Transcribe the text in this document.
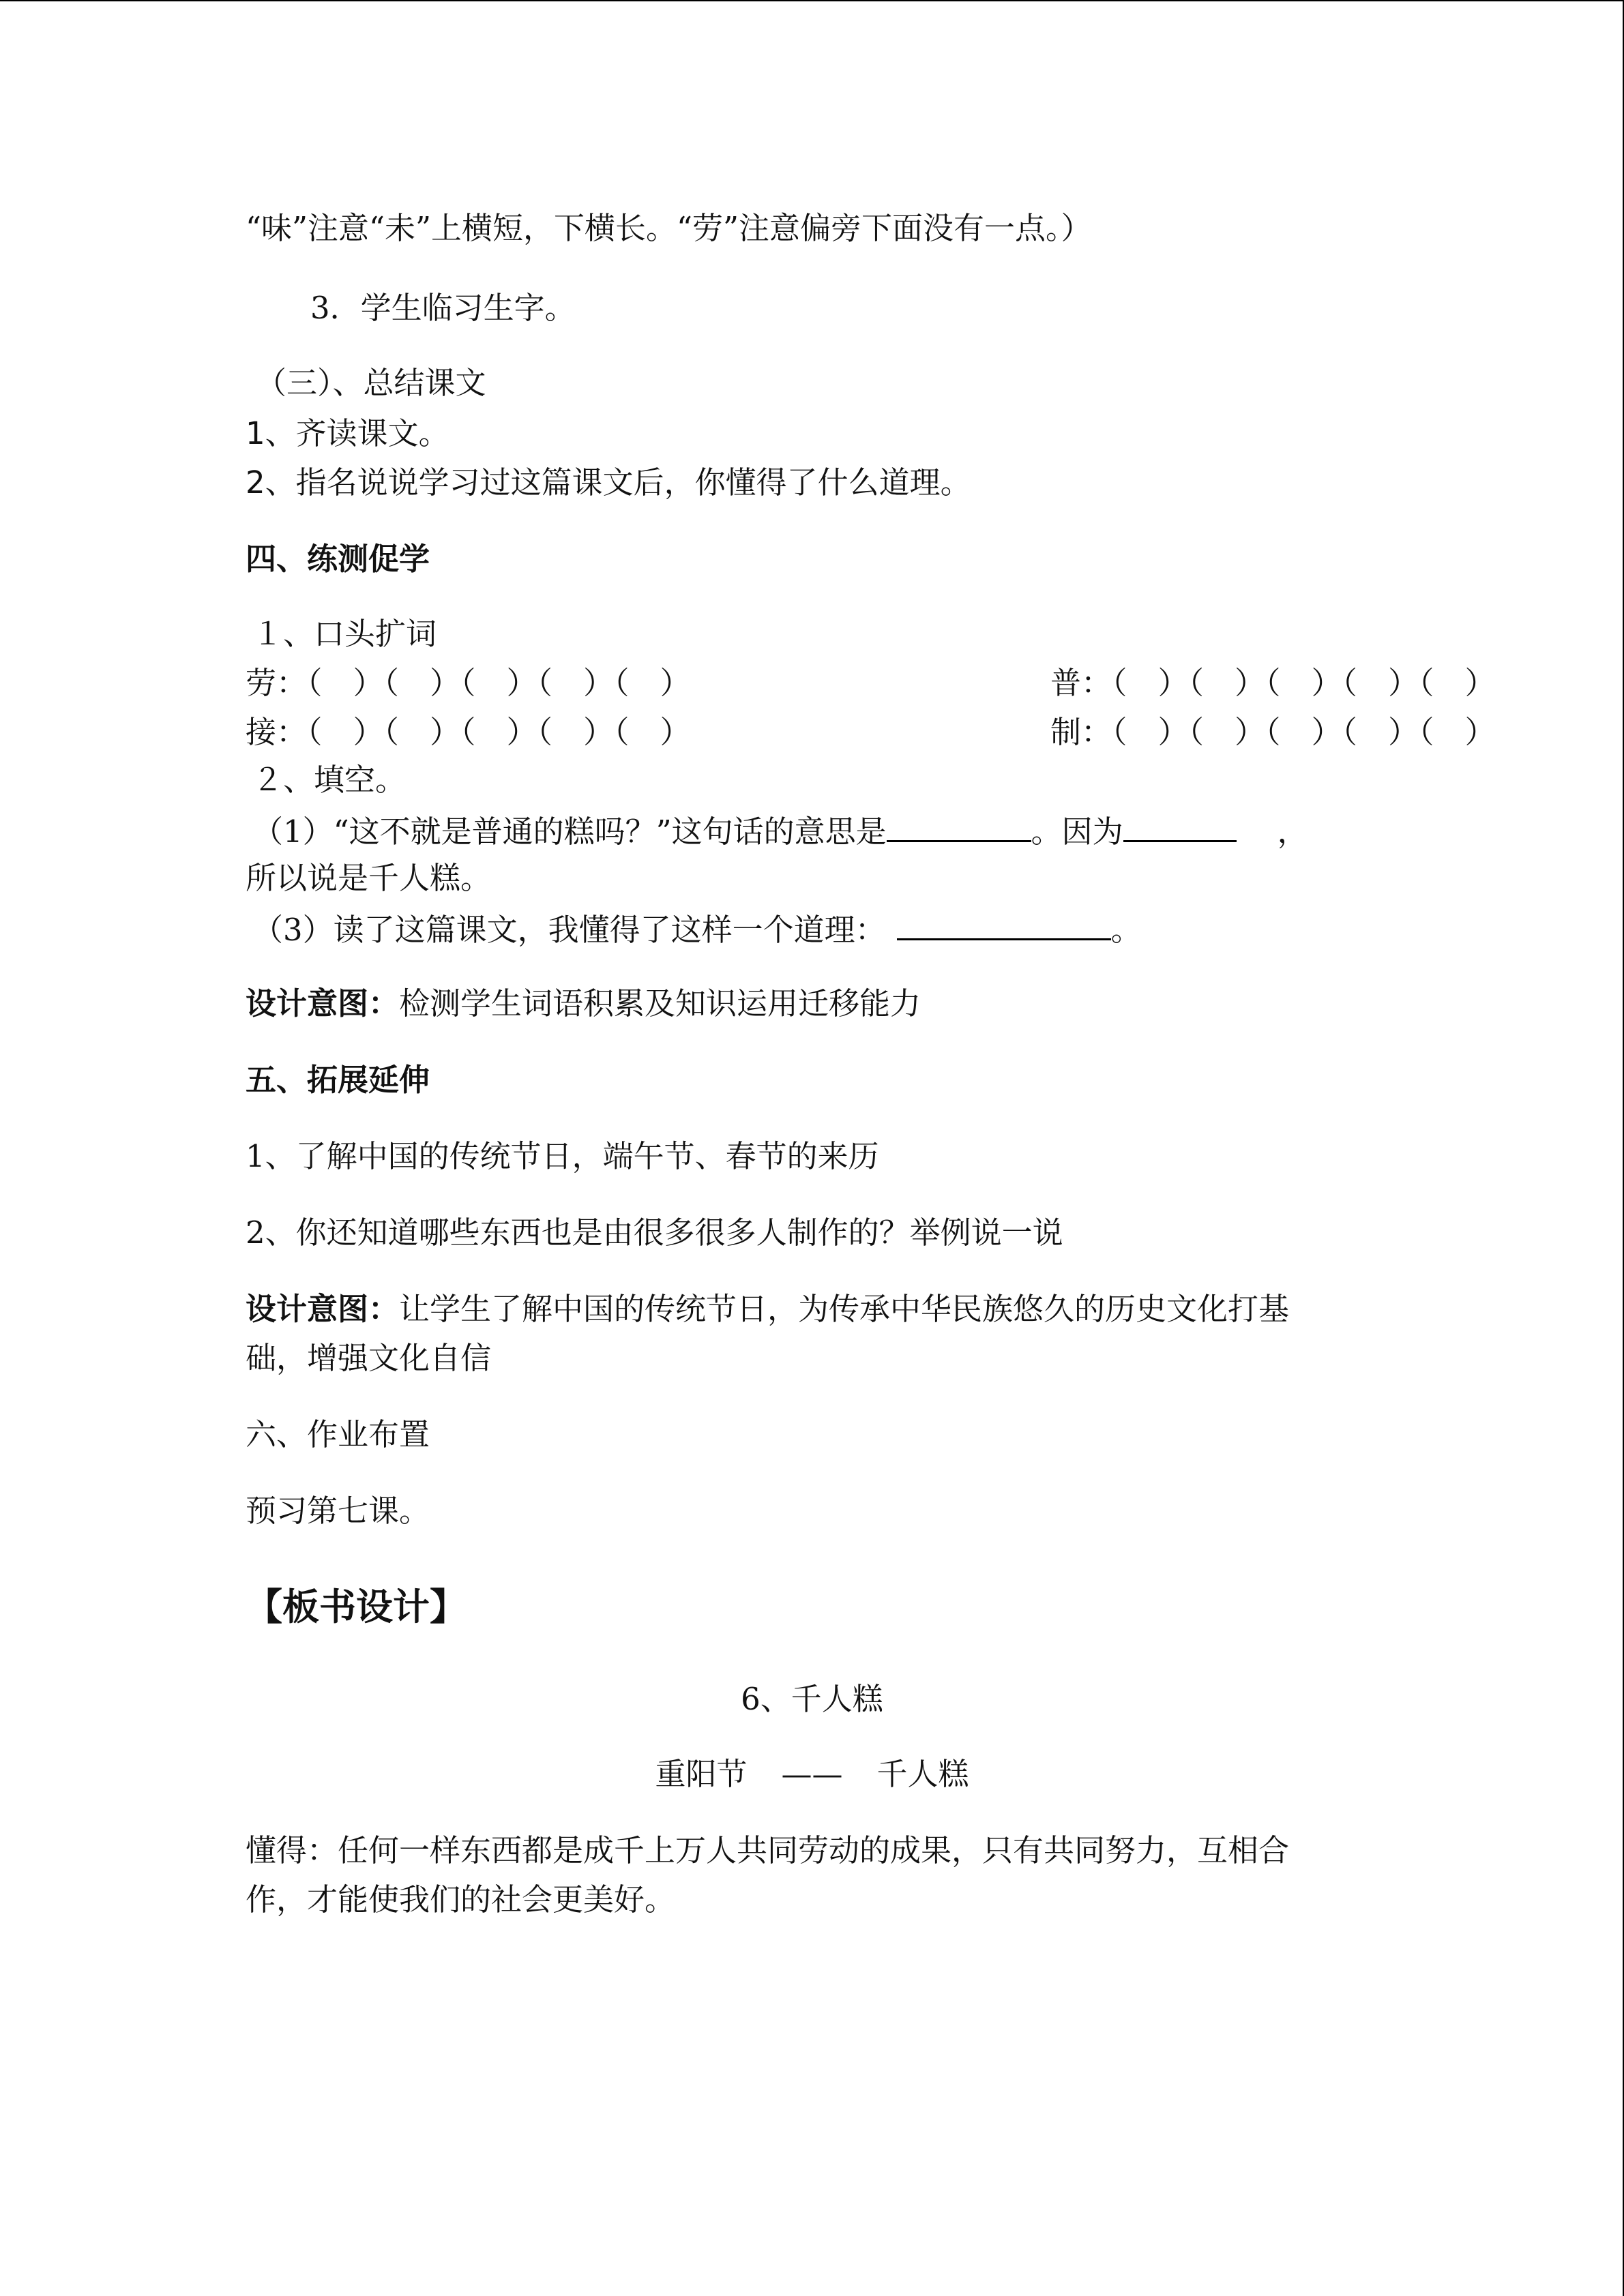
“味”注意“未”上横短，下横长。“劳”注意偏旁下面没有一点。）
3．学生临习生字。
（三）、总结课文
1、齐读课文。
2、指名说说学习过这篇课文后，你懂得了什么道理。
四、练测促学
１、口头扩词
劳：（　）（　）（　）（　）（　）	普：（　）（　）（　）（　）（　）
接：（　）（　）（　）（　）（　）	制：（　）（　）（　）（　）（　）
２、填空。
（1）“这不就是普通的糕吗？”这句话的意思是	。因为	，
所以说是千人糕。
（3）读了这篇课文，我懂得了这样一个道理：	。
设计意图：检测学生词语积累及知识运用迁移能力
五、拓展延伸
1、了解中国的传统节日，端午节、春节的来历
2、你还知道哪些东西也是由很多很多人制作的？举例说一说
设计意图：让学生了解中国的传统节日，为传承中华民族悠久的历史文化打基
础，增强文化自信
六、作业布置
预习第七课。
【板书设计】
6、千人糕
重阳节 —— 千人糕
懂得：任何一样东西都是成千上万人共同劳动的成果，只有共同努力，互相合
作，才能使我们的社会更美好。
